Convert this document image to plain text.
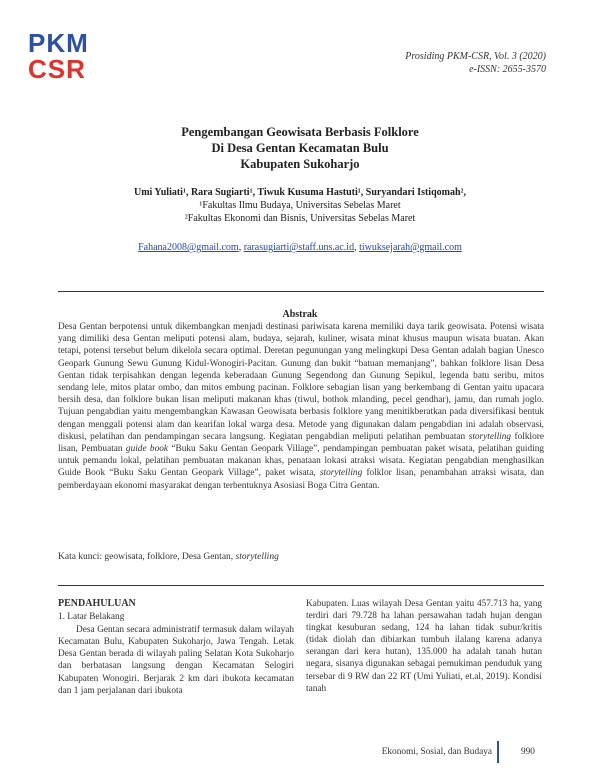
PKM
CSR	Prosiding PKM-CSR, Vol. 3 (2020)
e-ISSN: 2655-3570
Pengembangan Geowisata Berbasis Folklore
Di Desa Gentan Kecamatan Bulu
Kabupaten Sukoharjo
Umi Yuliati¹, Rara Sugiarti¹, Tiwuk Kusuma Hastuti¹, Suryandari Istiqomah²,
¹Fakultas Ilmu Budaya, Universitas Sebelas Maret
²Fakultas Ekonomi dan Bisnis, Universitas Sebelas Maret
Fahana2008@gmail.com, rarasugiarti@staff.uns.ac.id, tiwuksejarah@gmail.com
Abstrak
Desa Gentan berpotensi untuk dikembangkan menjadi destinasi pariwisata karena memiliki daya tarik geowisata. Potensi wisata yang dimiliki desa Gentan meliputi potensi alam, budaya, sejarah, kuliner, wisata minat khusus maupun wisata buatan. Akan tetapi, potensi tersebut belum dikelola secara optimal. Deretan pegunungan yang melingkupi Desa Gentan adalah bagian Unesco Geopark Gunung Sewu Gunung Kidul-Wonogiri-Pacitan. Gunung dan bukit “batuan memanjang”, bahkan folklore lisan Desa Gentan tidak terpisahkan dengan legenda keberadaan Gunung Segendong dan Gunung Sepikul, legenda batu seribu, mitos sendang lele, mitos platar ombo, dan mitos embung pacinan. Folklore sebagian lisan yang berkembang di Gentan yaitu upacara bersih desa, dan folklore bukan lisan meliputi makanan khas (tiwul, bothok mlanding, pecel gendhar), jamu, dan rumah joglo. Tujuan pengabdian yaitu mengembangkan Kawasan Geowisata berbasis folklore yang menitikberatkan pada diversifikasi bentuk dengan menggali potensi alam dan kearifan lokal warga desa. Metode yang digunakan dalam pengabdian ini adalah observasi, diskusi, pelatihan dan pendampingan secara langsung. Kegiatan pengabdian meliputi pelatihan pembuatan storytelling folklore lisan, Pembuatan guide book “Buku Saku Gentan Geopark Village”, pendampingan pembuatan paket wisata, pelatihan guiding untuk pemandu lokal, pelatihan pembuatan makanan khas, penataan lokasi atraksi wisata. Kegiatan pengabdian menghasilkan Guide Book “Buku Saku Gentan Geopark Village”, paket wisata, storytelling folklor lisan, penambahan atraksi wisata, dan pemberdayaan ekonomi masyarakat dengan terbentuknya Asosiasi Boga Citra Gentan.
Kata kunci: geowisata, folklore, Desa Gentan, storytelling
PENDAHULUAN
1. Latar Belakang
Desa Gentan secara administratif termasuk dalam wilayah Kecamatan Bulu, Kabupaten Sukoharjo, Jawa Tengah. Letak Desa Gentan berada di wilayah paling Selatan Kota Sukoharjo dan berbatasan langsung dengan Kecamatan Selogiri Kabupaten Wonogiri. Berjarak 2 km dari ibukota kecamatan dan 1 jam perjalanan dari ibukota
Kabupaten. Luas wilayah Desa Gentan yaitu 457.713 ha, yang terdiri dari 79.728 ha lahan persawahan tadah hujan dengan tingkat kesuburan sedang, 124 ha lahan tidak subur/kritis (tidak diolah dan dibiarkan tumbuh ilalang karena adanya serangan dari kera hutan), 135.000 ha adalah tanah hutan negara, sisanya digunakan sebagai pemukiman penduduk yang tersebar di 9 RW dan 22 RT (Umi Yuliati, et.al, 2019). Kondisi tanah
Ekonomi, Sosial, dan Budaya	990
